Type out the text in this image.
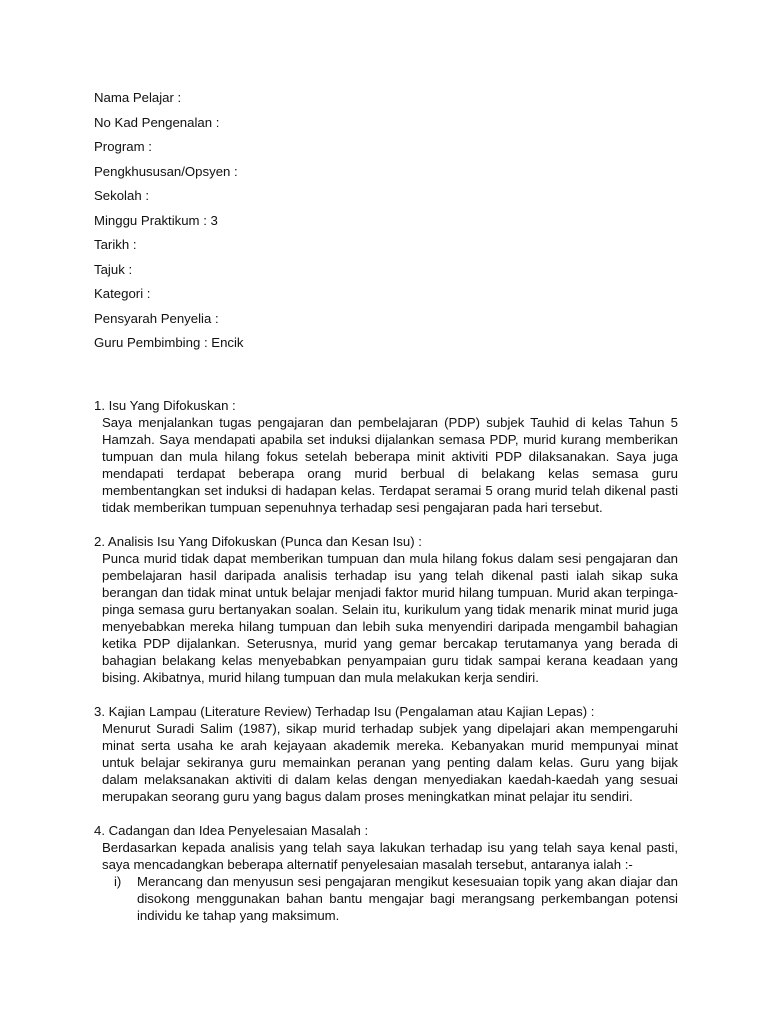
Nama Pelajar :
No Kad Pengenalan :
Program :
Pengkhususan/Opsyen :
Sekolah :
Minggu Praktikum : 3
Tarikh :
Tajuk :
Kategori :
Pensyarah Penyelia :
Guru Pembimbing : Encik
1. Isu Yang Difokuskan :
Saya menjalankan tugas pengajaran dan pembelajaran (PDP) subjek Tauhid di kelas Tahun 5 Hamzah. Saya mendapati apabila set induksi dijalankan semasa PDP, murid kurang memberikan tumpuan dan mula hilang fokus setelah beberapa minit aktiviti PDP dilaksanakan. Saya juga mendapati terdapat beberapa orang murid berbual di belakang kelas semasa guru membentangkan set induksi di hadapan kelas. Terdapat seramai 5 orang murid telah dikenal pasti tidak memberikan tumpuan sepenuhnya terhadap sesi pengajaran pada hari tersebut.
2. Analisis Isu Yang Difokuskan (Punca dan Kesan Isu) :
Punca murid tidak dapat memberikan tumpuan dan mula hilang fokus dalam sesi pengajaran dan pembelajaran hasil daripada analisis terhadap isu yang telah dikenal pasti ialah sikap suka berangan dan tidak minat untuk belajar menjadi faktor murid hilang tumpuan. Murid akan terpinga-pinga semasa guru bertanyakan soalan. Selain itu, kurikulum yang tidak menarik minat murid juga menyebabkan mereka hilang tumpuan dan lebih suka menyendiri daripada mengambil bahagian ketika PDP dijalankan. Seterusnya, murid yang gemar bercakap terutamanya yang berada di bahagian belakang kelas menyebabkan penyampaian guru tidak sampai kerana keadaan yang bising. Akibatnya, murid hilang tumpuan dan mula melakukan kerja sendiri.
3. Kajian Lampau (Literature Review) Terhadap Isu (Pengalaman atau Kajian Lepas) :
Menurut Suradi Salim (1987), sikap murid terhadap subjek yang dipelajari akan mempengaruhi minat serta usaha ke arah kejayaan akademik mereka. Kebanyakan murid mempunyai minat untuk belajar sekiranya guru memainkan peranan yang penting dalam kelas. Guru yang bijak dalam melaksanakan aktiviti di dalam kelas dengan menyediakan kaedah-kaedah yang sesuai merupakan seorang guru yang bagus dalam proses meningkatkan minat pelajar itu sendiri.
4. Cadangan dan Idea Penyelesaian Masalah :
Berdasarkan kepada analisis yang telah saya lakukan terhadap isu yang telah saya kenal pasti, saya mencadangkan beberapa alternatif penyelesaian masalah tersebut, antaranya ialah :-
i)	Merancang dan menyusun sesi pengajaran mengikut kesesuaian topik yang akan diajar dan disokong menggunakan bahan bantu mengajar bagi merangsang perkembangan potensi individu ke tahap yang maksimum.
